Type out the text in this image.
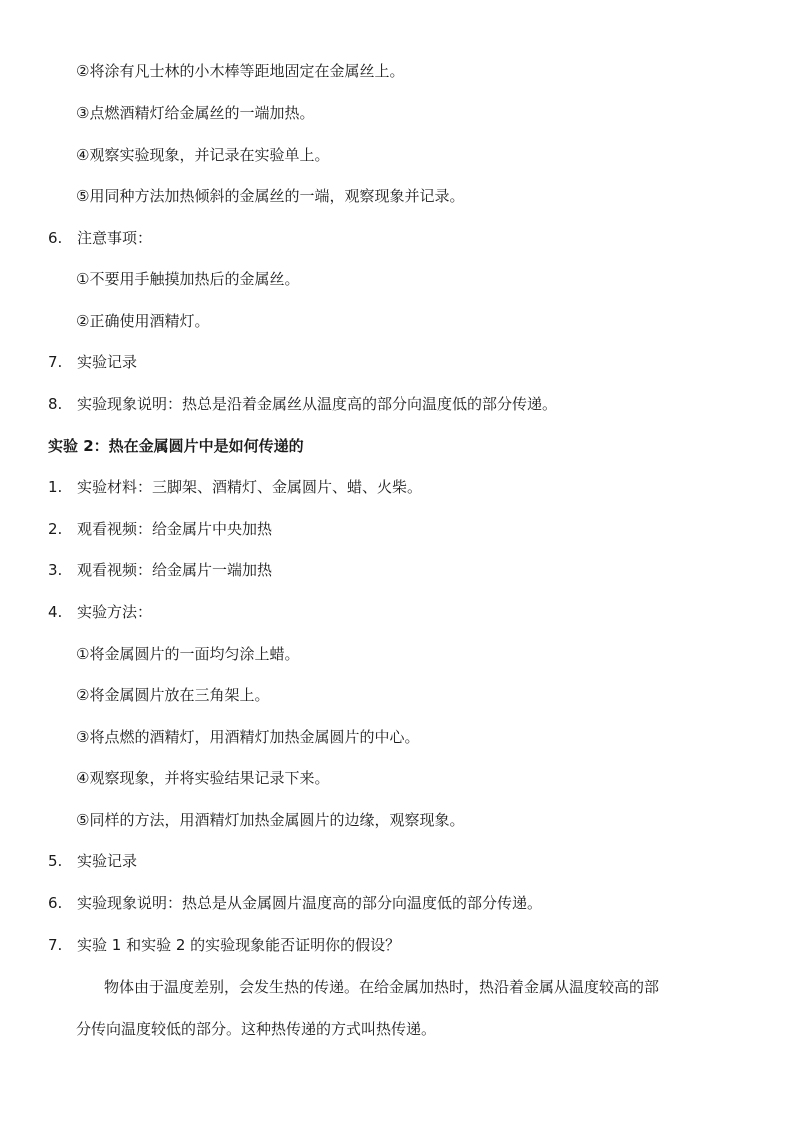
②将涂有凡士林的小木棒等距地固定在金属丝上。
③点燃酒精灯给金属丝的一端加热。
④观察实验现象，并记录在实验单上。
⑤用同种方法加热倾斜的金属丝的一端，观察现象并记录。
6. 注意事项：
①不要用手触摸加热后的金属丝。
②正确使用酒精灯。
7. 实验记录
8. 实验现象说明：热总是沿着金属丝从温度高的部分向温度低的部分传递。
实验 2：热在金属圆片中是如何传递的
1. 实验材料：三脚架、酒精灯、金属圆片、蜡、火柴。
2. 观看视频：给金属片中央加热
3. 观看视频：给金属片一端加热
4. 实验方法：
①将金属圆片的一面均匀涂上蜡。
②将金属圆片放在三角架上。
③将点燃的酒精灯，用酒精灯加热金属圆片的中心。
④观察现象，并将实验结果记录下来。
⑤同样的方法，用酒精灯加热金属圆片的边缘，观察现象。
5. 实验记录
6. 实验现象说明：热总是从金属圆片温度高的部分向温度低的部分传递。
7. 实验 1 和实验 2 的实验现象能否证明你的假设？
物体由于温度差别，会发生热的传递。在给金属加热时，热沿着金属从温度较高的部
分传向温度较低的部分。这种热传递的方式叫热传递。
